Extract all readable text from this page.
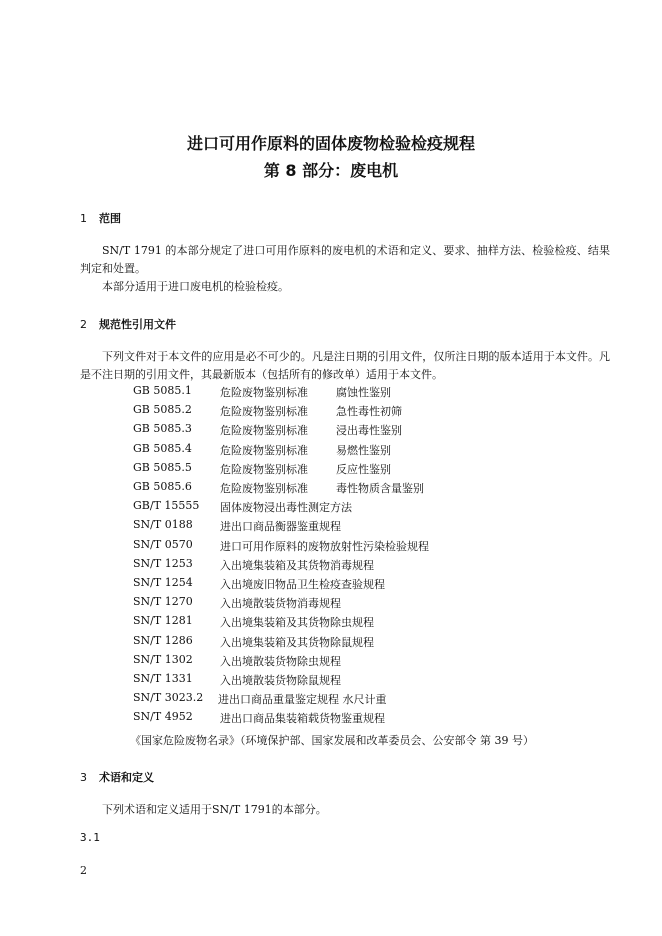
进口可用作原料的固体废物检验检疫规程
第 8 部分：废电机
1 范围
SN/T 1791 的本部分规定了进口可用作原料的废电机的术语和定义、要求、抽样方法、检验检疫、结果判定和处置。
本部分适用于进口废电机的检验检疫。
2 规范性引用文件
下列文件对于本文件的应用是必不可少的。凡是注日期的引用文件，仅所注日期的版本适用于本文件。凡是不注日期的引用文件，其最新版本（包括所有的修改单）适用于本文件。
GB 5085.1	危险废物鉴别标准	腐蚀性鉴别
GB 5085.2	危险废物鉴别标准	急性毒性初筛
GB 5085.3	危险废物鉴别标准	浸出毒性鉴别
GB 5085.4	危险废物鉴别标准	易燃性鉴别
GB 5085.5	危险废物鉴别标准	反应性鉴别
GB 5085.6	危险废物鉴别标准	毒性物质含量鉴别
GB/T 15555 固体废物浸出毒性测定方法
SN/T 0188 进出口商品衡器鉴重规程
SN/T 0570 进口可用作原料的废物放射性污染检验规程
SN/T 1253 入出境集装箱及其货物消毒规程
SN/T 1254 入出境废旧物品卫生检疫查验规程
SN/T 1270 入出境散装货物消毒规程
SN/T 1281 入出境集装箱及其货物除虫规程
SN/T 1286 入出境集装箱及其货物除鼠规程
SN/T 1302 入出境散装货物除虫规程
SN/T 1331 入出境散装货物除鼠规程
SN/T 3023.2 进出口商品重量鉴定规程 水尺计重
SN/T 4952 进出口商品集装箱载货物鉴重规程
《国家危险废物名录》（环境保护部、国家发展和改革委员会、公安部令 第 39 号）
3 术语和定义
下列术语和定义适用于SN/T 1791的本部分。
3.1
2
